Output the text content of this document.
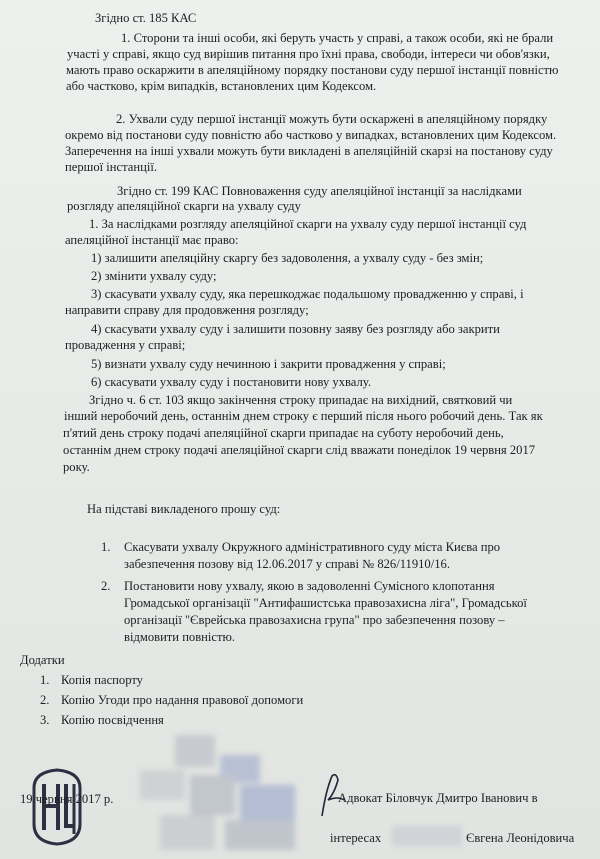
Згідно ст. 185 КАС
1. Сторони та інші особи, які беруть участь у справі, а також особи, які не брали
участі у справі, якщо суд вирішив питання про їхні права, свободи, інтереси чи обов'язки,
мають право оскаржити в апеляційному порядку постанови суду першої інстанції повністю
або частково, крім випадків, встановлених цим Кодексом.
2. Ухвали суду першої інстанції можуть бути оскаржені в апеляційному порядку
окремо від постанови суду повністю або частково у випадках, встановлених цим Кодексом.
Заперечення на інші ухвали можуть бути викладені в апеляційній скарзі на постанову суду
першої інстанції.
Згідно ст. 199 КАС Повноваження суду апеляційної інстанції за наслідками
розгляду апеляційної скарги на ухвалу суду
1. За наслідками розгляду апеляційної скарги на ухвалу суду першої інстанції суд
апеляційної інстанції має право:
1) залишити апеляційну скаргу без задоволення, а ухвалу суду - без змін;
2) змінити ухвалу суду;
3) скасувати ухвалу суду, яка перешкоджає подальшому провадженню у справі, і
направити справу для продовження розгляду;
4) скасувати ухвалу суду і залишити позовну заяву без розгляду або закрити
провадження у справі;
5) визнати ухвалу суду нечинною і закрити провадження у справі;
6) скасувати ухвалу суду і постановити нову ухвалу.
Згідно ч. 6 ст. 103 якщо закінчення строку припадає на вихідний, святковий чи
інший неробочий день, останнім днем строку є перший після нього робочий день. Так як
п'ятий день строку подачі апеляційної скарги припадає на суботу неробочий день,
останнім днем строку подачі апеляційної скарги слід вважати понеділок 19 червня 2017
року.
На підставі викладеного прошу суд:
1. Скасувати ухвалу Окружного адміністративного суду міста Києва про
забезпечення позову від 12.06.2017 у справі № 826/11910/16.
2. Постановити нову ухвалу, якою в задоволенні Сумісного клопотання
Громадської організації "Антифашистська правозахисна ліга", Громадської
організації "Єврейська правозахисна група" про забезпечення позову –
відмовити повністю.
Додатки
1. Копія паспорту
2. Копію Угоди про надання правової допомоги
3. Копію посвідчення
19 червня 2017 р.	Адвокат Біловчук Дмитро Іванович в
інтересах	Євгена Леонідовича
